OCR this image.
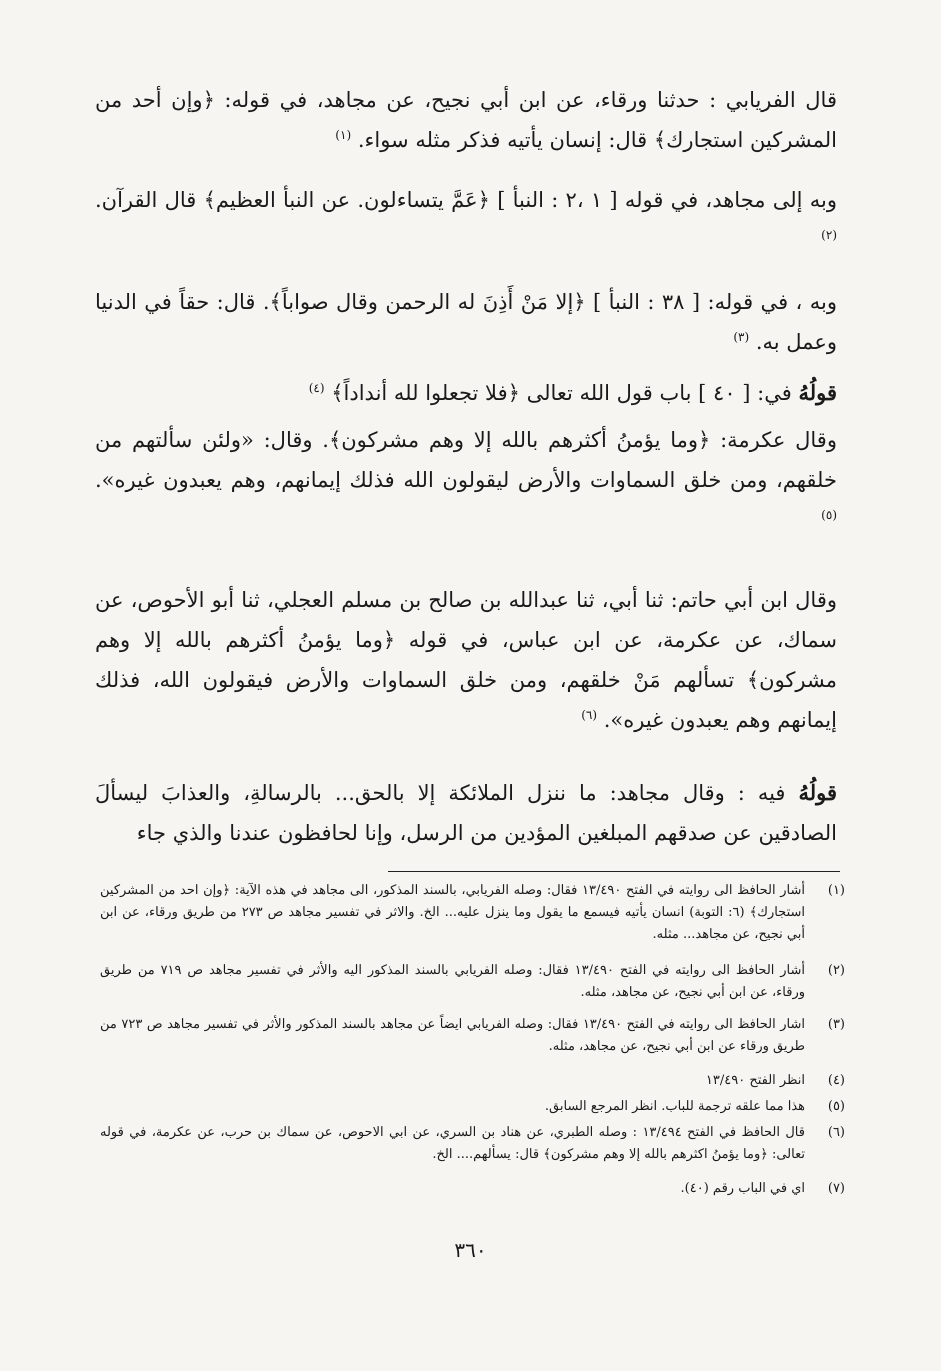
قال الفريابي : حدثنا ورقاء، عن ابن أبي نجيح، عن مجاهد، في قوله: ﴿وإن أحد من المشركين استجارك﴾ قال: إنسان يأتيه فذكر مثله سواء. $^{(١)}$
وبه إلى مجاهد، في قوله [ ١ ،٢ : النبأ ] ﴿عَمَّ يتساءلون. عن النبأ العظيم﴾ قال القرآن. $^{(٢)}$
وبه ، في قوله: [ ٣٨ : النبأ ] ﴿إلا مَنْ أَذِنَ له الرحمن وقال صواباً﴾. قال: حقاً في الدنيا وعمل به. $^{(٣)}$
قولُهُ في: [ ٤٠ ] باب قول الله تعالى ﴿فلا تجعلوا لله أنداداً﴾ $^{(٤)}$
وقال عكرمة: ﴿وما يؤمنُ أكثرهم بالله إلا وهم مشركون﴾. وقال: «ولئن سألتهم من خلقهم، ومن خلق السماوات والأرض ليقولون الله فذلك إيمانهم، وهم يعبدون غيره». $^{(٥)}$
وقال ابن أبي حاتم: ثنا أبي، ثنا عبدالله بن صالح بن مسلم العجلي، ثنا أبو الأحوص، عن سماك، عن عكرمة، عن ابن عباس، في قوله ﴿وما يؤمنُ أكثرهم بالله إلا وهم مشركون﴾ تسألهم مَنْ خلقهم، ومن خلق السماوات والأرض فيقولون الله، فذلك إيمانهم وهم يعبدون غيره». $^{(٦)}$
قولُهُ فيه : وقال مجاهد: ما ننزل الملائكة إلا بالحق... بالرسالةِ، والعذابَ ليسألَ الصادقين عن صدقهم المبلغين المؤدين من الرسل، وإنا لحافظون عندنا والذي جاء
(١)
أشار الحافظ الى روايته في الفتح ١٣/٤٩٠ فقال: وصله الفريابي، بالسند المذكور، الى مجاهد في هذه الآية: ﴿وإن احد من المشركين استجارك﴾ (٦: التوبة) انسان يأتيه فيسمع ما يقول وما ينزل عليه... الخ. والاثر في تفسير مجاهد ص ٢٧٣ من طريق ورقاء، عن ابن أبي نجيح، عن مجاهد... مثله.
(٢)
أشار الحافظ الى روايته في الفتح ١٣/٤٩٠ فقال: وصله الفريابي بالسند المذكور اليه والأثر في تفسير مجاهد ص ٧١٩ من طريق ورقاء، عن ابن أبي نجيح، عن مجاهد، مثله.
(٣)
اشار الحافظ الى روايته في الفتح ١٣/٤٩٠ فقال: وصله الفريابي ايضاً عن مجاهد بالسند المذكور والأثر في تفسير مجاهد ص ٧٢٣ من طريق ورقاء عن ابن أبي نجيح، عن مجاهد، مثله.
(٤)
انظر الفتح ١٣/٤٩٠
(٥)
هذا مما علقه ترجمة للباب. انظر المرجع السابق.
(٦)
قال الحافظ في الفتح ١٣/٤٩٤ : وصله الطبري، عن هناد بن السري، عن ابي الاحوص، عن سماك بن حرب، عن عكرمة، في قوله تعالى: ﴿وما يؤمنُ اكثرهم بالله إلا وهم مشركون﴾ قال: يسألهم.... الخ.
(٧)
اي في الباب رقم (٤٠).
٣٦٠
